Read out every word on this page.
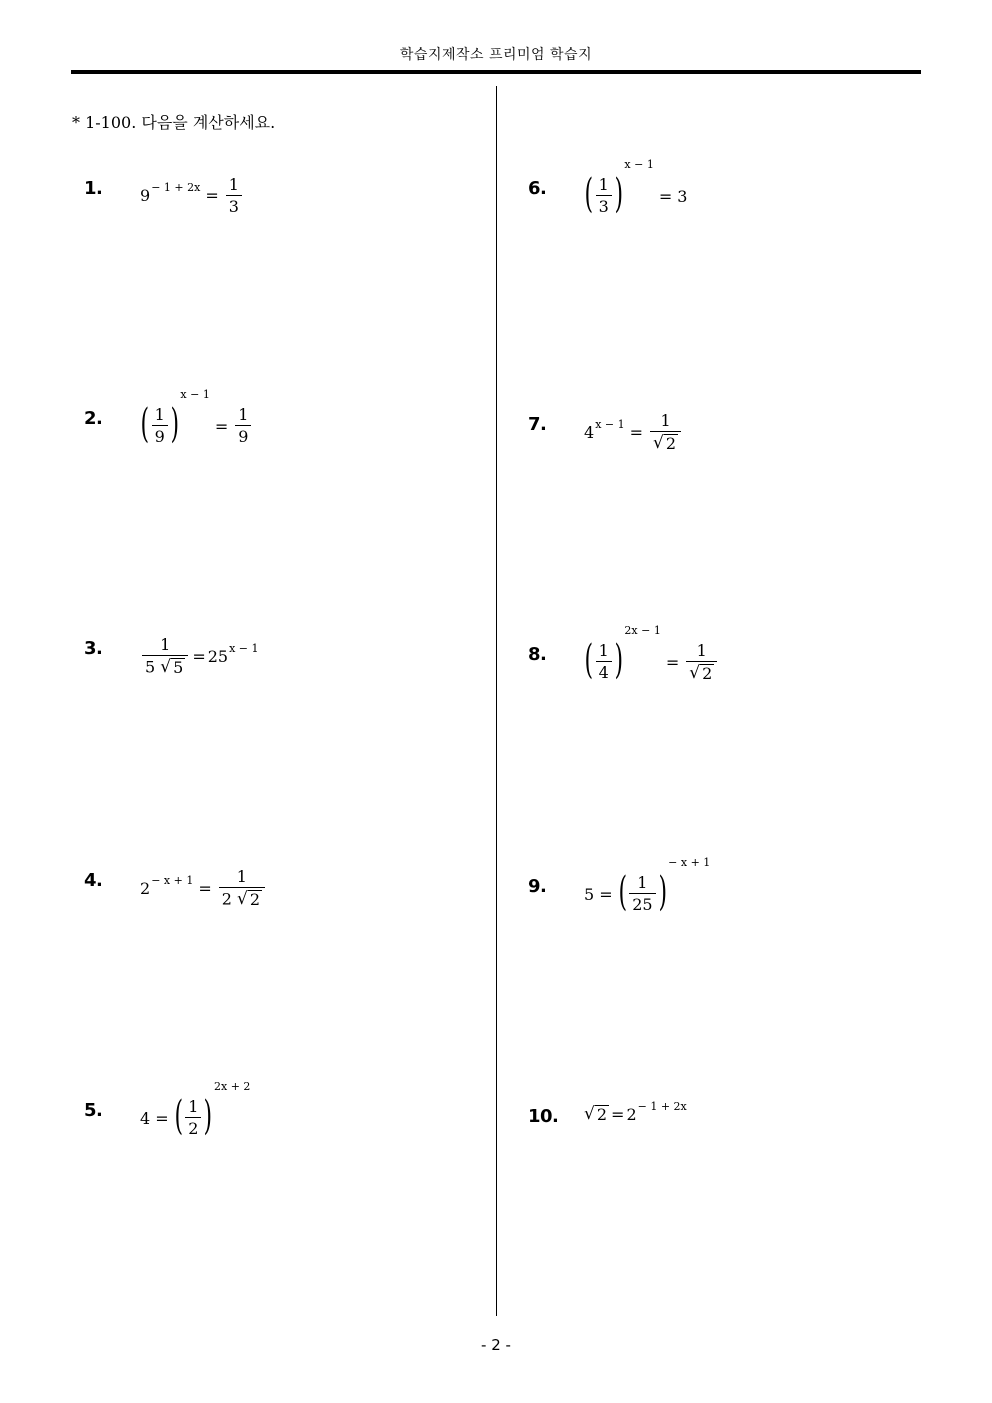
학습지제작소 프리미엄 학습지
* 1-100. 다음을 계산하세요.
1. $9^{- 1 + 2x} = \frac{1}{3}$
2. ( $\frac{1}{9}$ )
$^{x - 1}$
= $\frac{1}{9}$
3. $\frac{1}{5 √ 5} = 25^{x - 1}$
4. $2^{- x + 1} = \frac{1}{2 √ 2}$
5. 4 = ( $\frac{1}{2}$ )
$^{2x + 2}$
6. ( $\frac{1}{3}$ )
$^{x - 1}$
= 3
7. $4^{x - 1} = \frac{1}{√ 2}$
8. ( $\frac{1}{4}$ )
$^{2x - 1}$
= $\frac{1}{√ 2}$
9. 5 = ( $\frac{1}{25}$ )
$^{- x + 1}$
10. √ $2 = 2^{- 1 + 2x}$
- 2 -
